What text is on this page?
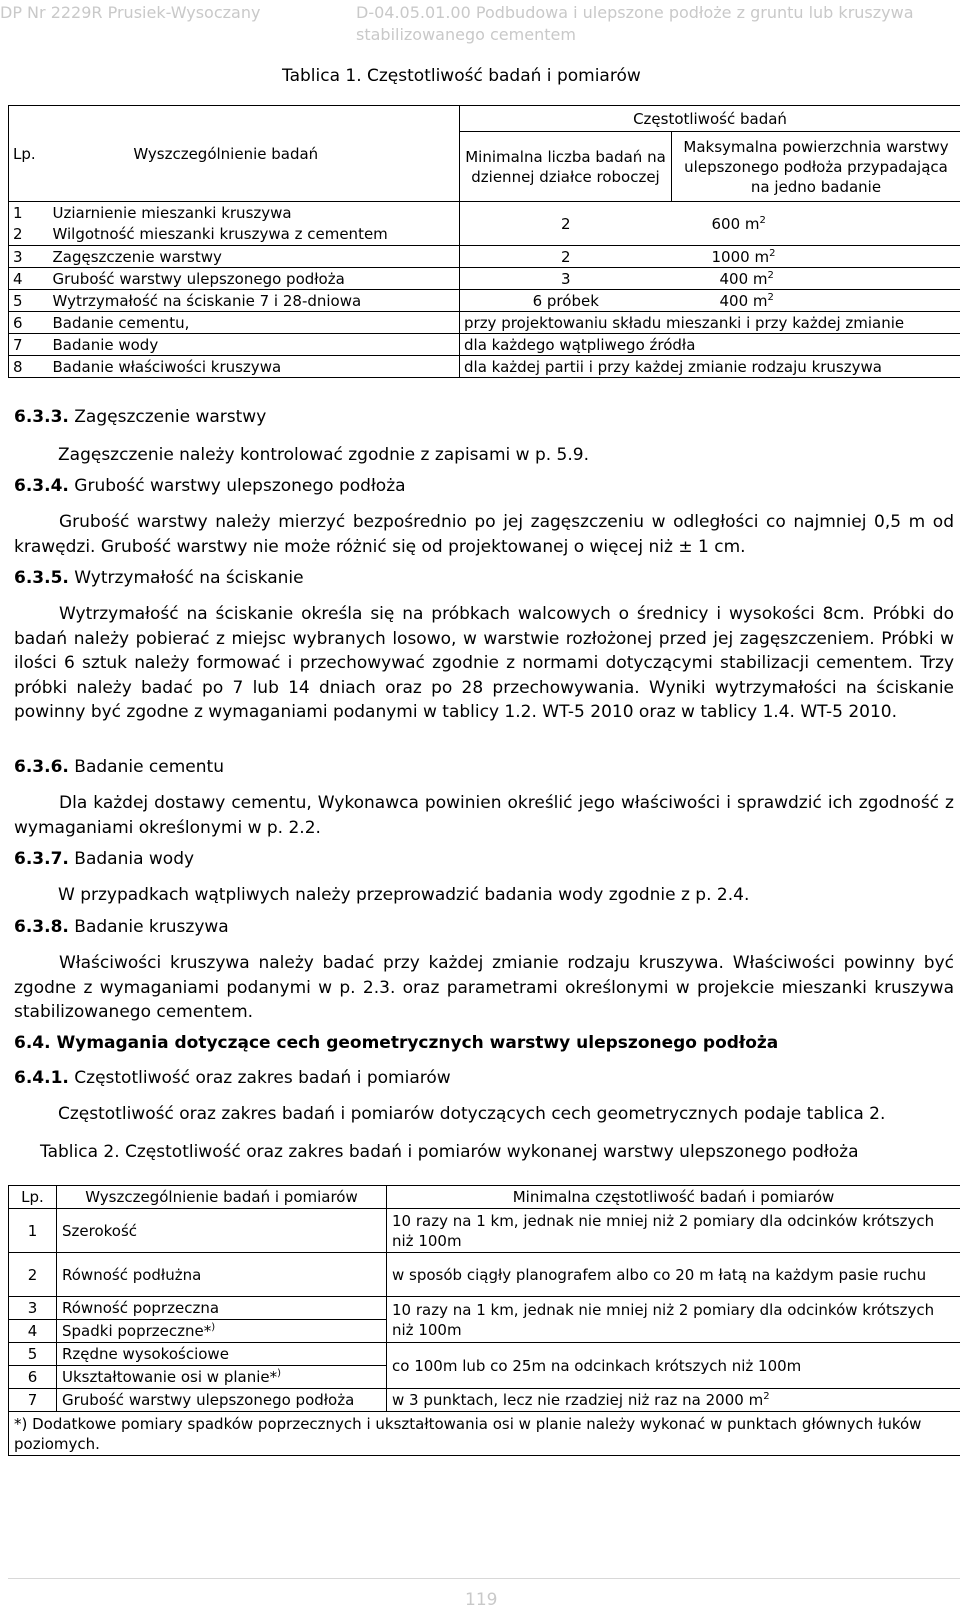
DP Nr 2229R Prusiek-Wysoczany	D-04.05.01.00 Podbudowa i ulepszone podłoże z gruntu lub kruszywa stabilizowanego cementem
Tablica 1. Częstotliwość badań i pomiarów
Lp.	Wyszczególnienie badań	Częstotliwość badań	
		Minimalna liczba badań na dziennej działce roboczej	Maksymalna powierzchnia warstwy ulepszonego podłoża przypadająca na jedno badanie
1	Uziarnienie mieszanki kruszywa	2	600 $m^2$
2	Wilgotność mieszanki kruszywa z cementem		
3	Zagęszczenie warstwy	2	1000 $m^2$
4	Grubość warstwy ulepszonego podłoża	3	400 $m^2$
5	Wytrzymałość na ściskanie 7 i 28-dniowa	6 próbek	400 $m^2$
6	Badanie cementu,	przy projektowaniu składu mieszanki i przy każdej zmianie	
7	Badanie wody	dla każdego wątpliwego źródła	
8	Badanie właściwości kruszywa	dla każdej partii i przy każdej zmianie rodzaju kruszywa	
6.3.3. Zagęszczenie warstwy
Zagęszczenie należy kontrolować zgodnie z zapisami w p. 5.9.
6.3.4. Grubość warstwy ulepszonego podłoża
Grubość warstwy należy mierzyć bezpośrednio po jej zagęszczeniu w odległości co najmniej 0,5 m od krawędzi. Grubość warstwy nie może różnić się od projektowanej o więcej niż ± 1 cm.
6.3.5. Wytrzymałość na ściskanie
Wytrzymałość na ściskanie określa się na próbkach walcowych o średnicy i wysokości 8cm. Próbki do badań należy pobierać z miejsc wybranych losowo, w warstwie rozłożonej przed jej zagęszczeniem. Próbki w ilości 6 sztuk należy formować i przechowywać zgodnie z normami dotyczącymi stabilizacji cementem. Trzy próbki należy badać po 7 lub 14 dniach oraz po 28 przechowywania. Wyniki wytrzymałości na ściskanie powinny być zgodne z wymaganiami podanymi w tablicy 1.2. WT-5 2010 oraz w tablicy 1.4. WT-5 2010.
6.3.6. Badanie cementu
Dla każdej dostawy cementu, Wykonawca powinien określić jego właściwości i sprawdzić ich zgodność z wymaganiami określonymi w p. 2.2.
6.3.7. Badania wody
W przypadkach wątpliwych należy przeprowadzić badania wody zgodnie z p. 2.4.
6.3.8. Badanie kruszywa
Właściwości kruszywa należy badać przy każdej zmianie rodzaju kruszywa. Właściwości powinny być zgodne z wymaganiami podanymi w p. 2.3. oraz parametrami określonymi w projekcie mieszanki kruszywa stabilizowanego cementem.
6.4. Wymagania dotyczące cech geometrycznych warstwy ulepszonego podłoża
6.4.1. Częstotliwość oraz zakres badań i pomiarów
Częstotliwość oraz zakres badań i pomiarów dotyczących cech geometrycznych podaje tablica 2.
Tablica 2. Częstotliwość oraz zakres badań i pomiarów wykonanej warstwy ulepszonego podłoża
Lp.	Wyszczególnienie badań i pomiarów	Minimalna częstotliwość badań i pomiarów
1	Szerokość	10 razy na 1 km, jednak nie mniej niż 2 pomiary dla odcinków krótszych niż 100m
2	Równość podłużna	w sposób ciągły planografem albo co 20 m łatą na każdym pasie ruchu
3	Równość poprzeczna	10 razy na 1 km, jednak nie mniej niż 2 pomiary dla odcinków krótszych niż 100m
4	Spadki poprzeczne*)
5	Rzędne wysokościowe	co 100m lub co 25m na odcinkach krótszych niż 100m
6	Ukształtowanie osi w planie*)
7	Grubość warstwy ulepszonego podłoża	w 3 punktach, lecz nie rzadziej niż raz na 2000 $m^2$
*) Dodatkowe pomiary spadków poprzecznych i ukształtowania osi w planie należy wykonać w punktach głównych łuków poziomych.		
119
